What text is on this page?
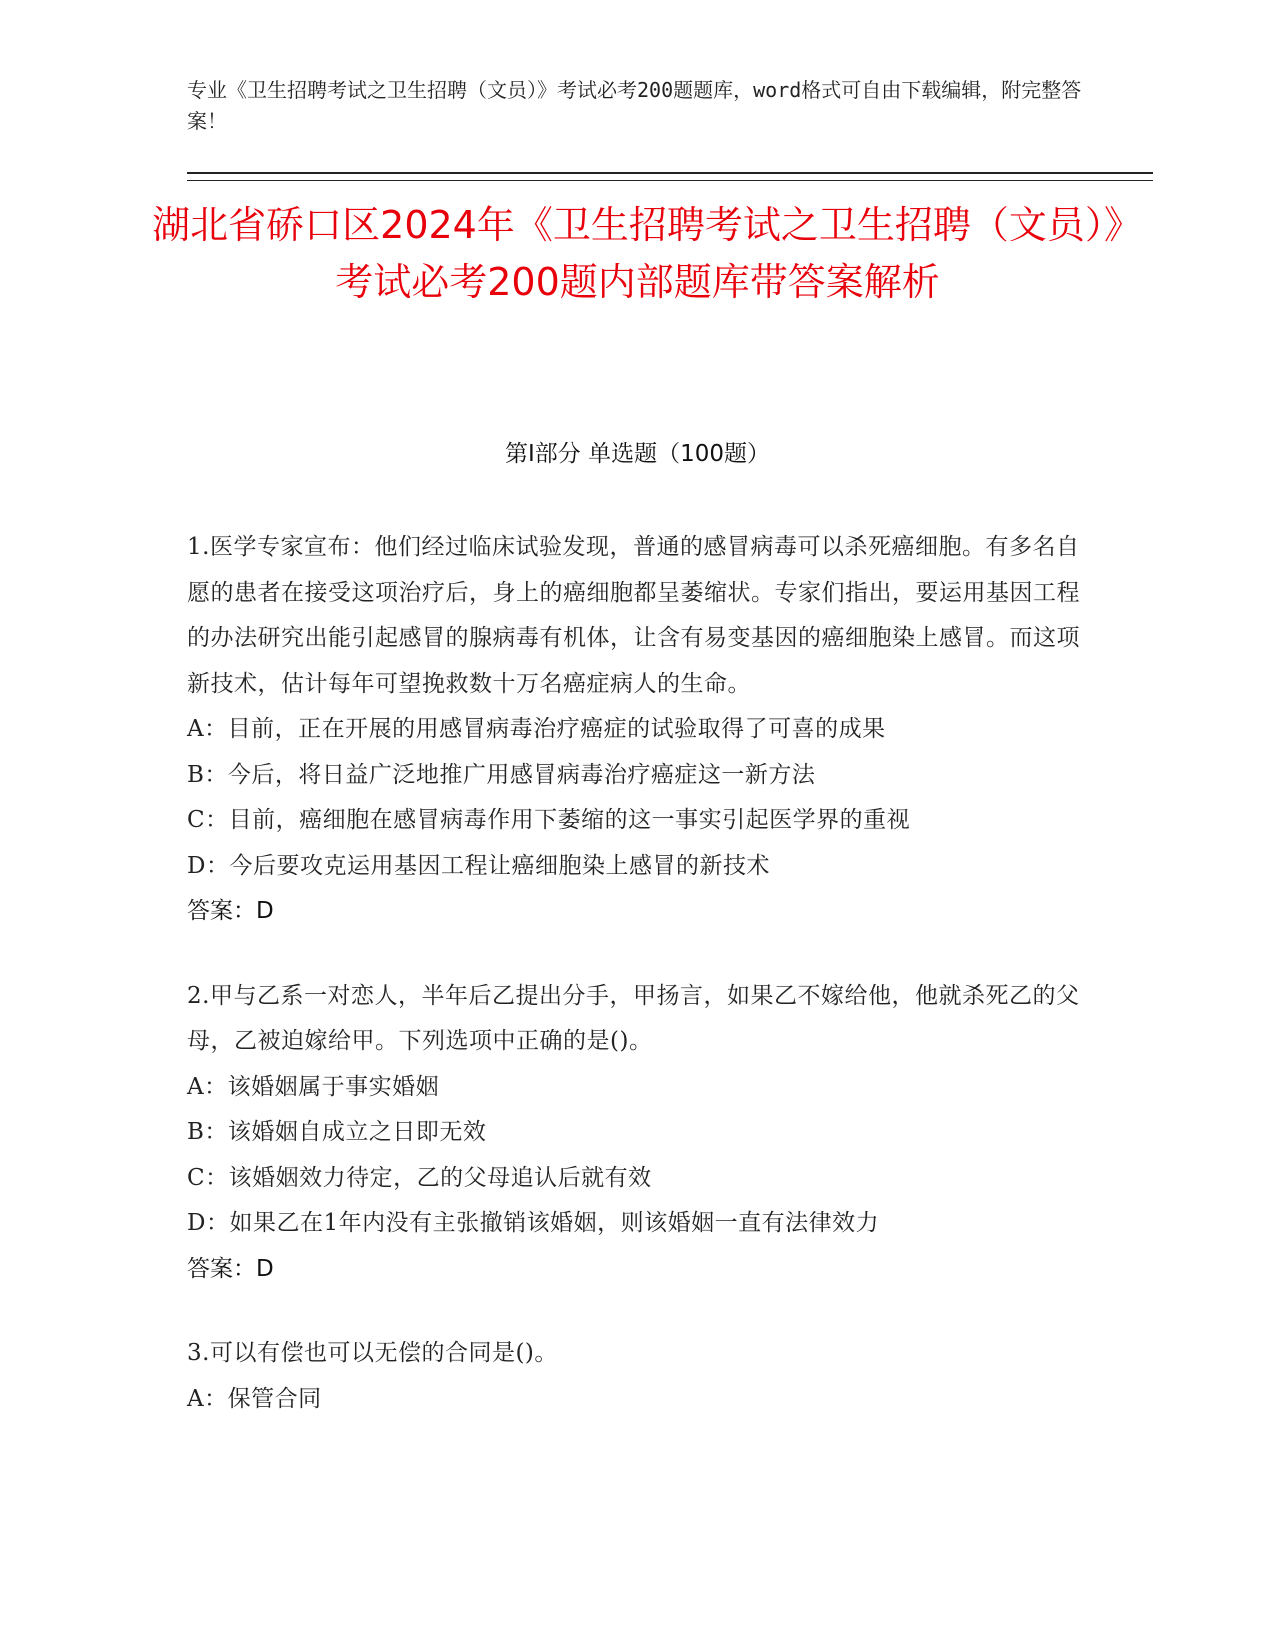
专业《卫生招聘考试之卫生招聘（文员）》考试必考200题题库，word格式可自由下载编辑，附完整答案！
湖北省硚口区2024年《卫生招聘考试之卫生招聘（文员）》考试必考200题内部题库带答案解析
第Ⅰ部分 单选题（100题）

1.医学专家宣布：他们经过临床试验发现，普通的感冒病毒可以杀死癌细胞。有多名自愿的患者在接受这项治疗后，身上的癌细胞都呈萎缩状。专家们指出，要运用基因工程的办法研究出能引起感冒的腺病毒有机体，让含有易变基因的癌细胞染上感冒。而这项新技术，估计每年可望挽救数十万名癌症病人的生命。

A：目前，正在开展的用感冒病毒治疗癌症的试验取得了可喜的成果

B：今后，将日益广泛地推广用感冒病毒治疗癌症这一新方法

C：目前，癌细胞在感冒病毒作用下萎缩的这一事实引起医学界的重视

D：今后要攻克运用基因工程让癌细胞染上感冒的新技术

答案：D

2.甲与乙系一对恋人，半年后乙提出分手，甲扬言，如果乙不嫁给他，他就杀死乙的父母，乙被迫嫁给甲。下列选项中正确的是()。

A：该婚姻属于事实婚姻

B：该婚姻自成立之日即无效

C：该婚姻效力待定，乙的父母追认后就有效

D：如果乙在1年内没有主张撤销该婚姻，则该婚姻一直有法律效力

答案：D

3.可以有偿也可以无偿的合同是()。

A：保管合同
